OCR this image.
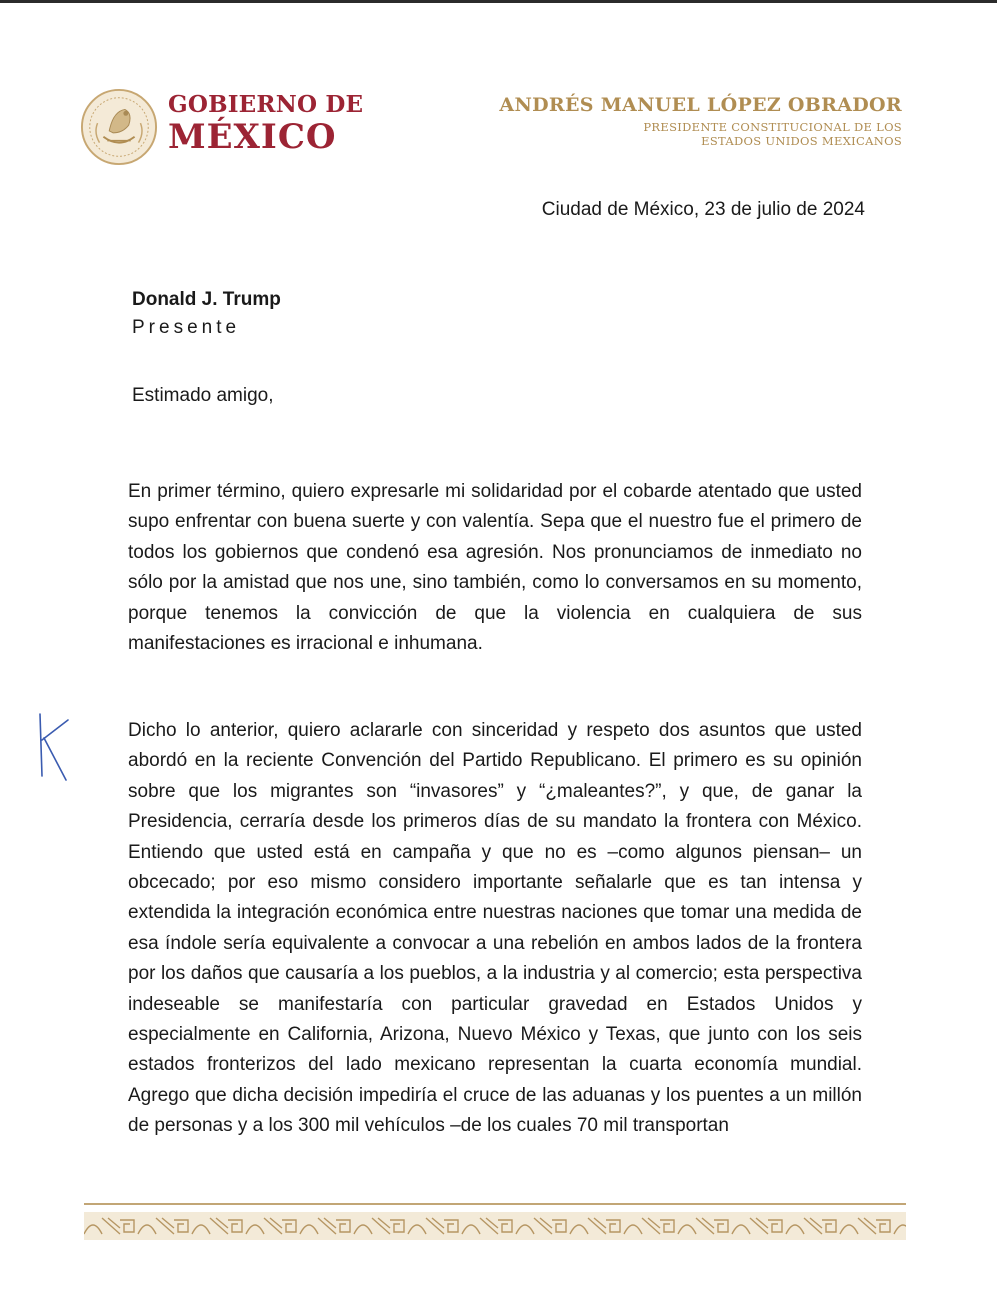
GOBIERNO DE
MÉXICO
ANDRÉS MANUEL LÓPEZ OBRADOR
PRESIDENTE CONSTITUCIONAL DE LOS
ESTADOS UNIDOS MEXICANOS
Ciudad de México, 23 de julio de 2024
Donald J. Trump
Presente
Estimado amigo,
En primer término, quiero expresarle mi solidaridad por el cobarde atentado que usted supo enfrentar con buena suerte y con valentía. Sepa que el nuestro fue el primero de todos los gobiernos que condenó esa agresión. Nos pronunciamos de inmediato no sólo por la amistad que nos une, sino también, como lo conversamos en su momento, porque tenemos la convicción de que la violencia en cualquiera de sus manifestaciones es irracional e inhumana.
Dicho lo anterior, quiero aclararle con sinceridad y respeto dos asuntos que usted abordó en la reciente Convención del Partido Republicano. El primero es su opinión sobre que los migrantes son “invasores” y “¿maleantes?”, y que, de ganar la Presidencia, cerraría desde los primeros días de su mandato la frontera con México. Entiendo que usted está en campaña y que no es –como algunos piensan– un obcecado; por eso mismo considero importante señalarle que es tan intensa y extendida la integración económica entre nuestras naciones que tomar una medida de esa índole sería equivalente a convocar a una rebelión en ambos lados de la frontera por los daños que causaría a los pueblos, a la industria y al comercio; esta perspectiva indeseable se manifestaría con particular gravedad en Estados Unidos y especialmente en California, Arizona, Nuevo México y Texas, que junto con los seis estados fronterizos del lado mexicano representan la cuarta economía mundial. Agrego que dicha decisión impediría el cruce de las aduanas y los puentes a un millón de personas y a los 300 mil vehículos –de los cuales 70 mil transportan
